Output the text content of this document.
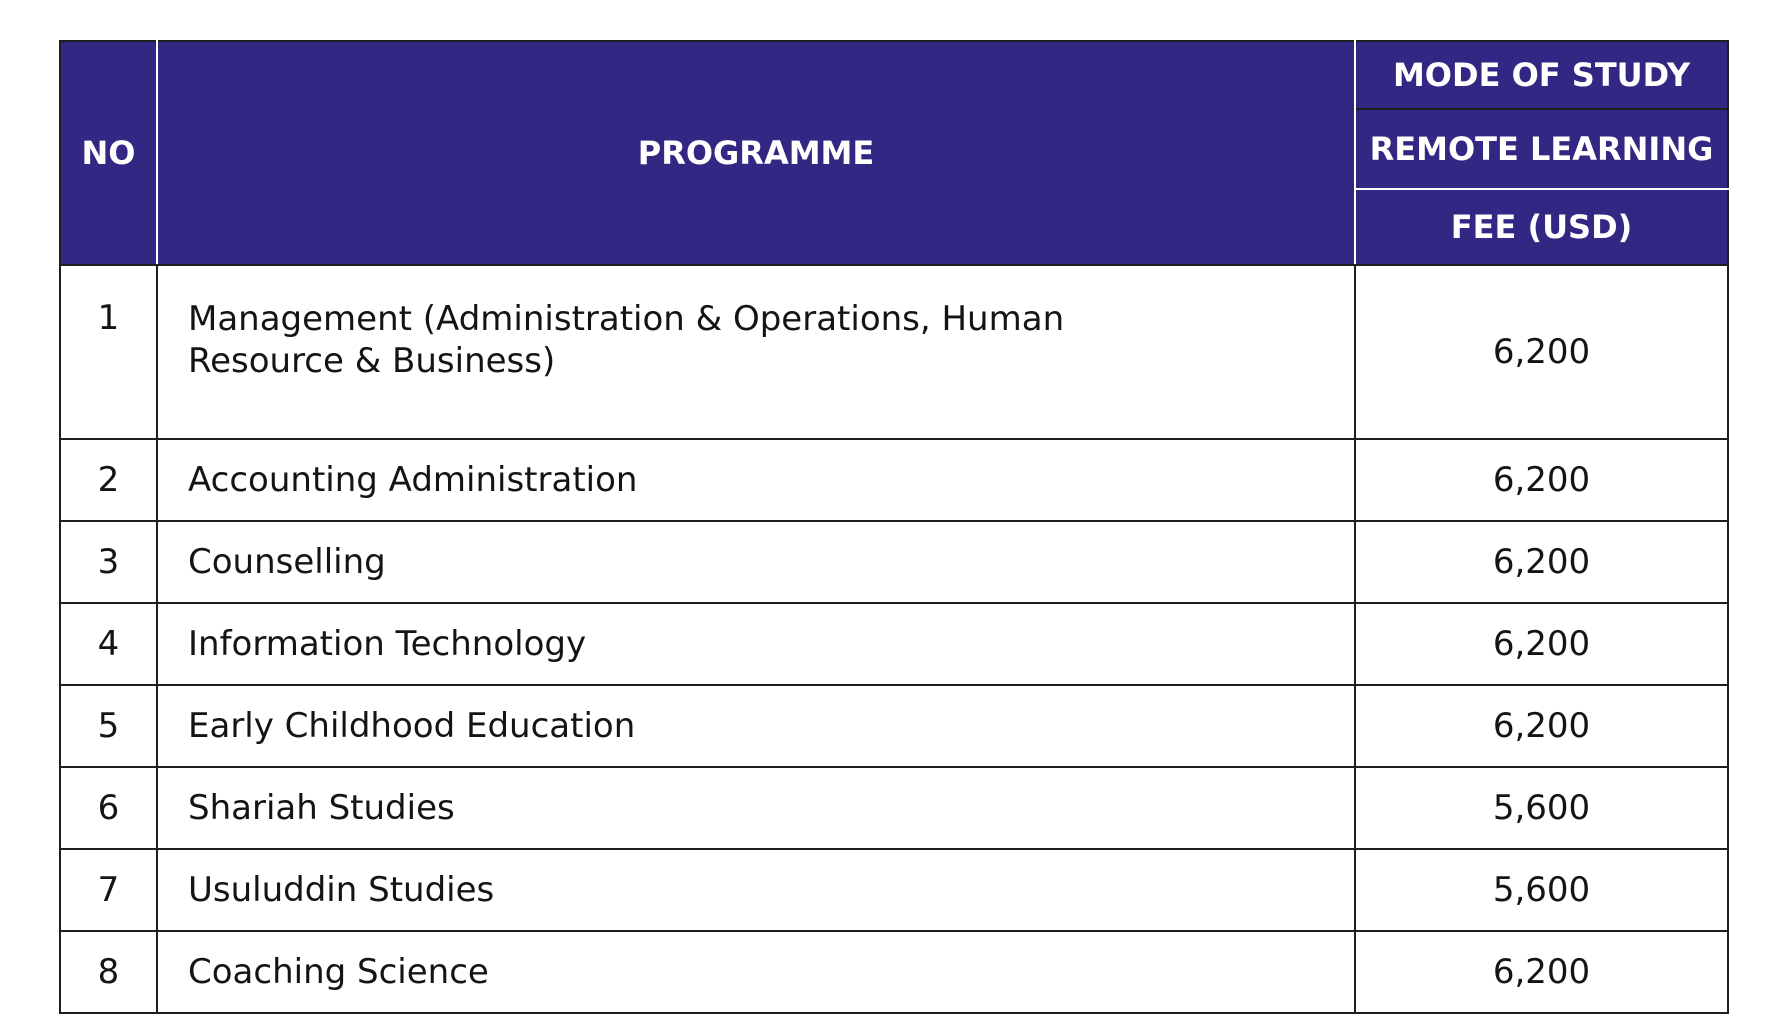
NO	PROGRAMME	MODE OF STUDY
		REMOTE LEARNING
		FEE (USD)
1	Management (Administration & Operations, Human Resource & Business)	6,200
2	Accounting Administration	6,200
3	Counselling	6,200
4	Information Technology	6,200
5	Early Childhood Education	6,200
6	Shariah Studies	5,600
7	Usuluddin Studies	5,600
8	Coaching Science	6,200
